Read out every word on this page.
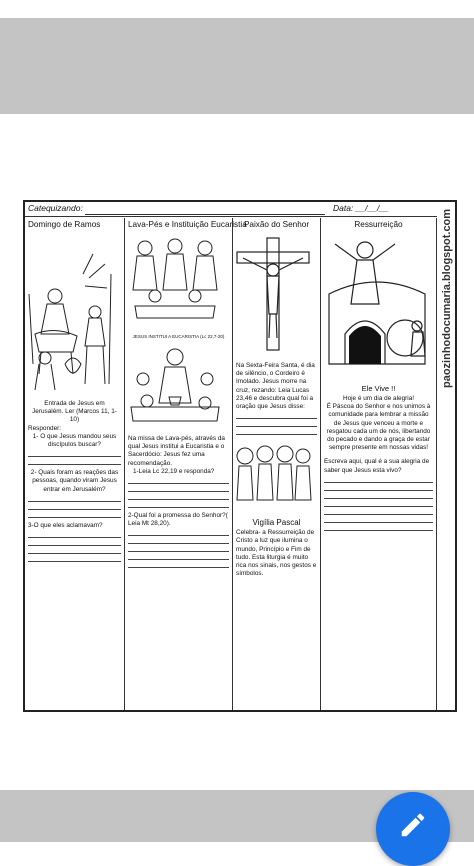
Catequizando:	Data: __/__/__
Domingo de Ramos
Entrada de Jesus em Jerusalém. Ler (Marcos 11, 1-10)
Responder:
1- O que Jesus mandou seus discípulos buscar?
2- Quais foram as reações das pessoas, quando viram Jesus entrar em Jerusalém?
3-O que eles aclamavam?
Lava-Pés e Instituição Eucaristia
JESUS INSTITUI A EUCARISTIA (Lc 22,7-20)
Na missa de Lava-pés, através da qual Jesus institui a Eucaristia e o Sacerdócio: Jesus fez uma recomendação.
1-Leia Lc 22,19 e responda?
2-Qual foi a promessa do Senhor?( Leia Mt 28,20).
Paixão do Senhor
Na Sexta-Feira Santa, é dia de silêncio, o Cordeiro é Imolado. Jesus morre na cruz, rezando: Leia Lucas 23,46 e descubra qual foi a oração que Jesus disse:
Vigília Pascal
Celebra- a Ressurreição de Cristo a luz que ilumina o mundo, Princípio e Fim de tudo. Esta liturgia é muito rica nos sinais, nos gestos e símbolos.
Ressurreição
Ele Vive !!
Hoje é um dia de alegria!
É Páscoa do Senhor e nos unimos à comunidade para lembrar a missão de Jesus que venceu a morte e resgatou cada um de nós, libertando do pecado e dando a graça de estar sempre presente em nossas vidas!
Escreva aqui, qual é a sua alegria de saber que Jesus esta vivo?
paozinhodocumaria.blogspot.com
